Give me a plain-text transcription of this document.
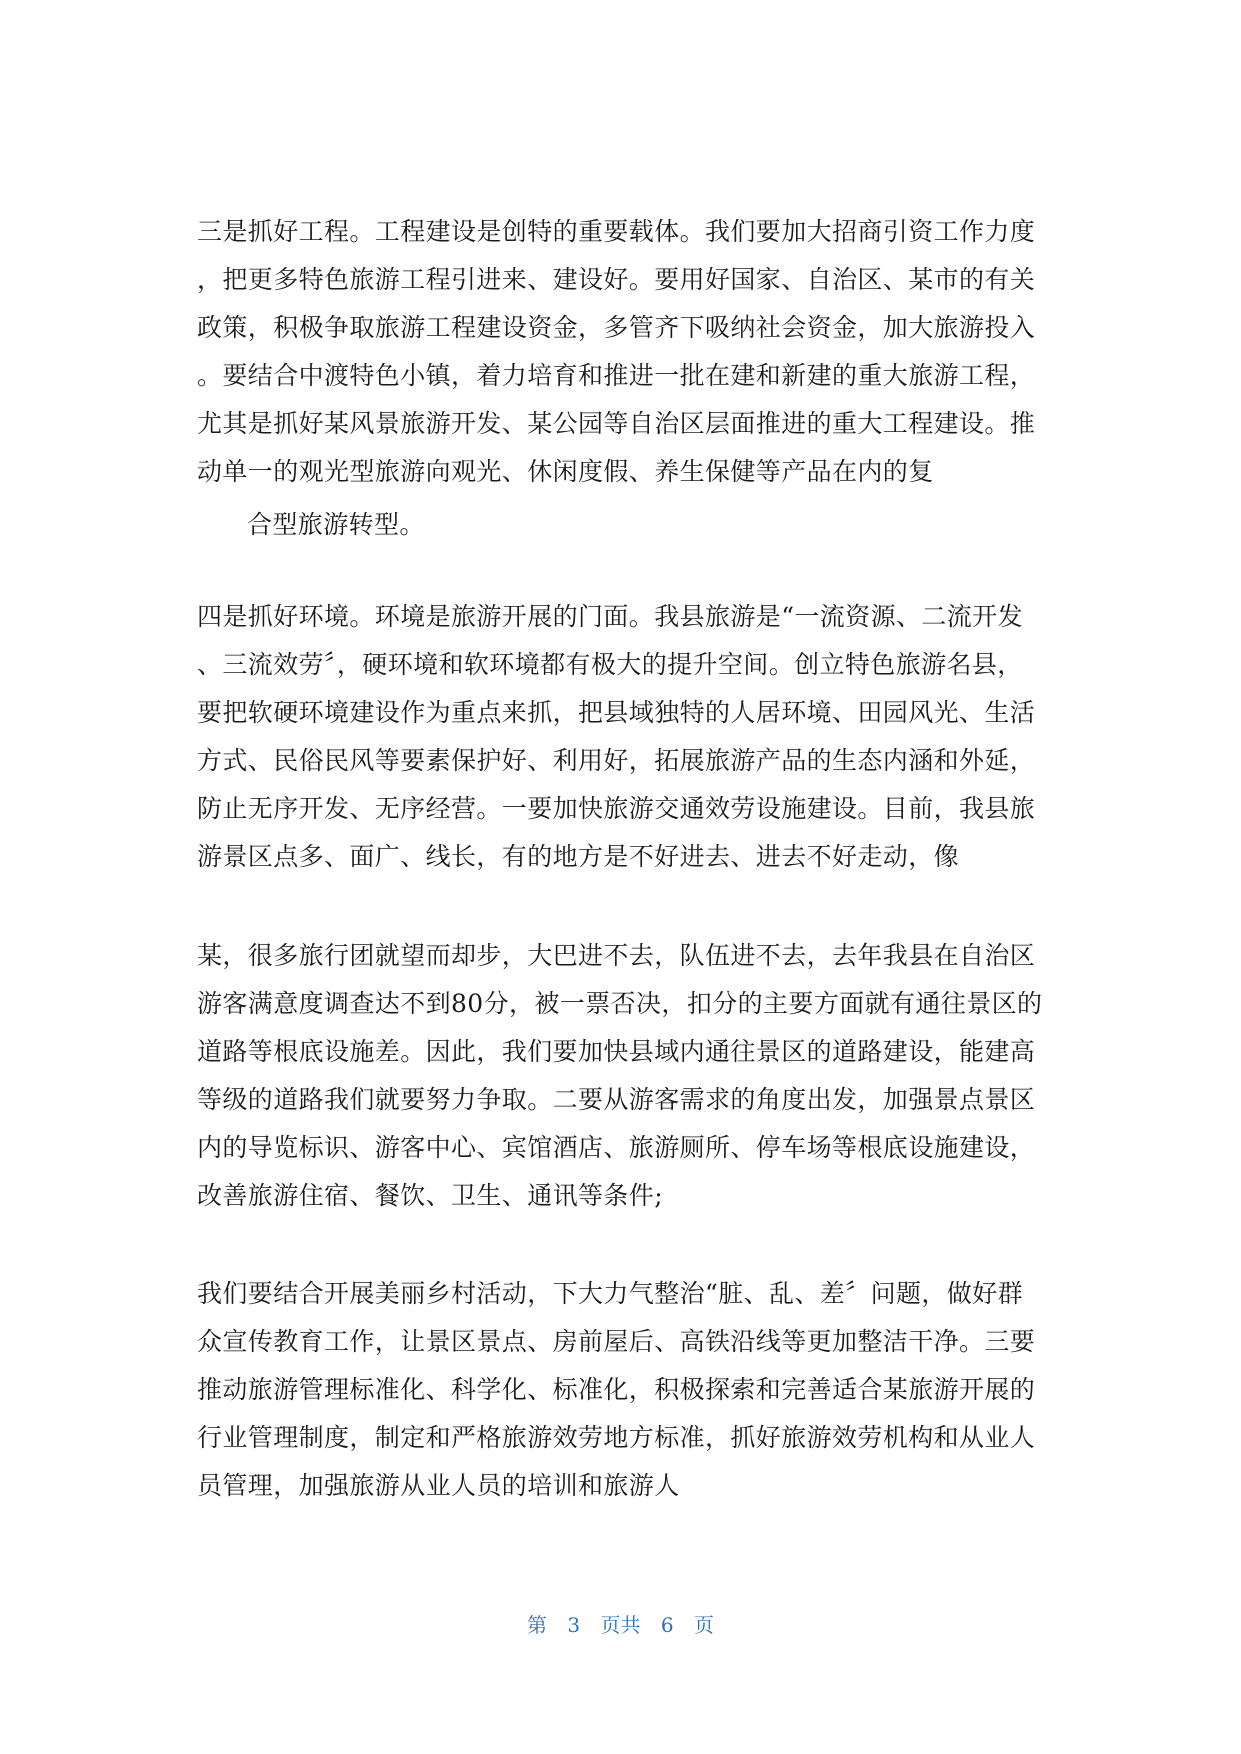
三是抓好工程。工程建设是创特的重要载体。我们要加大招商引资工作力度
，把更多特色旅游工程引进来、建设好。要用好国家、自治区、某市的有关
政策，积极争取旅游工程建设资金，多管齐下吸纳社会资金，加大旅游投入
。要结合中渡特色小镇，着力培育和推进一批在建和新建的重大旅游工程，
尤其是抓好某风景旅游开发、某公园等自治区层面推进的重大工程建设。推
动单一的观光型旅游向观光、休闲度假、养生保健等产品在内的复
合型旅游转型。
四是抓好环境。环境是旅游开展的门面。我县旅游是“一流资源、二流开发
、三流效劳〞，硬环境和软环境都有极大的提升空间。创立特色旅游名县，
要把软硬环境建设作为重点来抓，把县域独特的人居环境、田园风光、生活
方式、民俗民风等要素保护好、利用好，拓展旅游产品的生态内涵和外延，
防止无序开发、无序经营。一要加快旅游交通效劳设施建设。目前，我县旅
游景区点多、面广、线长，有的地方是不好进去、进去不好走动，像
某，很多旅行团就望而却步，大巴进不去，队伍进不去，去年我县在自治区
游客满意度调查达不到80分，被一票否决，扣分的主要方面就有通往景区的
道路等根底设施差。因此，我们要加快县域内通往景区的道路建设，能建高
等级的道路我们就要努力争取。二要从游客需求的角度出发，加强景点景区
内的导览标识、游客中心、宾馆酒店、旅游厕所、停车场等根底设施建设，
改善旅游住宿、餐饮、卫生、通讯等条件;
我们要结合开展美丽乡村活动，下大力气整治“脏、乱、差〞问题，做好群
众宣传教育工作，让景区景点、房前屋后、高铁沿线等更加整洁干净。三要
推动旅游管理标准化、科学化、标准化，积极探索和完善适合某旅游开展的
行业管理制度，制定和严格旅游效劳地方标准，抓好旅游效劳机构和从业人
员管理，加强旅游从业人员的培训和旅游人
第 3 页共 6 页
